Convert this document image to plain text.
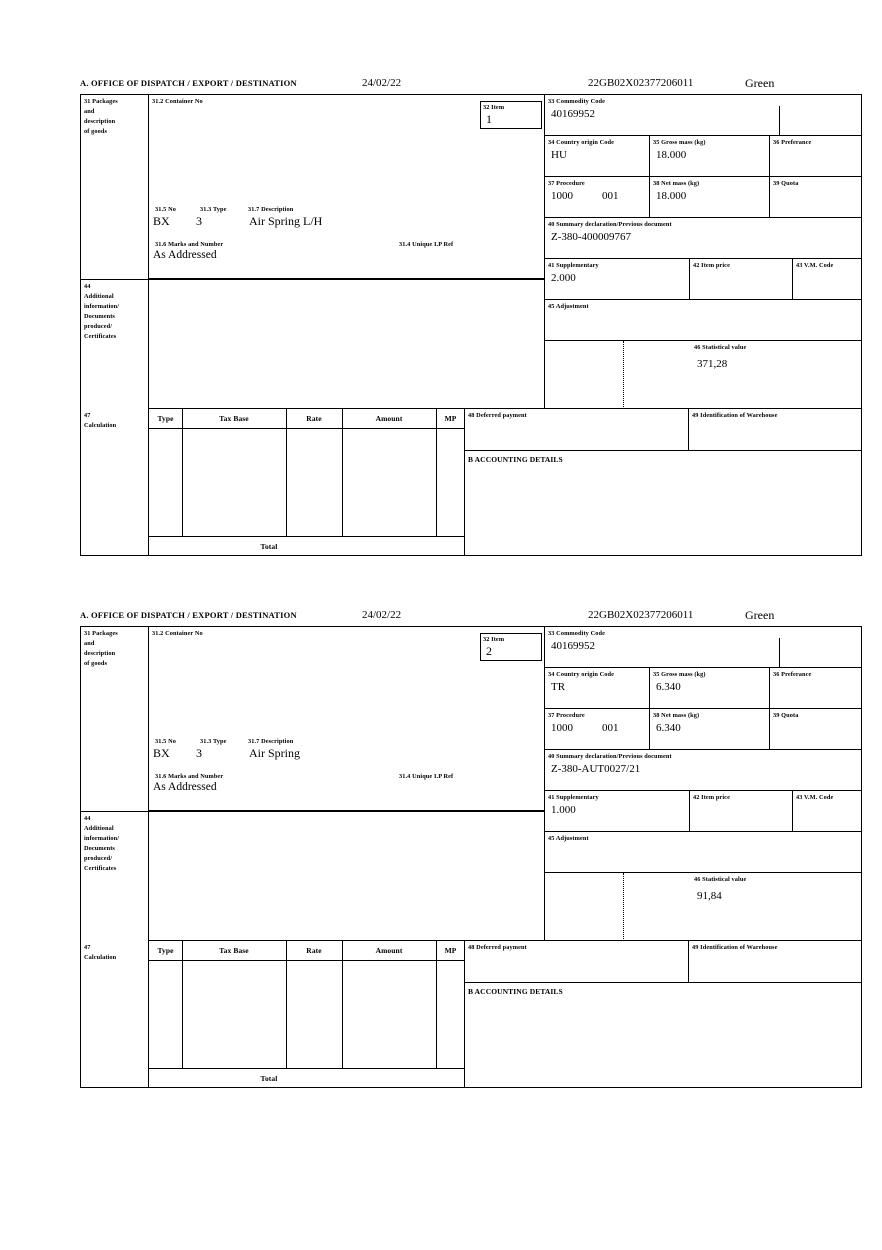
A. OFFICE OF DISPATCH / EXPORT / DESTINATION	24/02/22	22GB02X02377206011	Green
31 Packages
and
description
of goods
31.2 Container No
31.5 No	31.3 Type	31.7 Description
BX 3	Air Spring L/H
31.6 Marks and Number	31.4 Unique I.P Ref
As Addressed
32 Item
1
33 Commodity Code
40169952
34 Country origin Code
HU
35 Gross mass (kg)
18.000
36 Preferance
37 Procedure
1000	001
38 Net mass (kg)
18.000
39 Quota
40 Summary declaration/Previous document
Z-380-400009767
41 Supplementary
2.000
42 Item price	43 V.M. Code
44
Additional
information/
Documents
produced/
Certificates
45 Adjustment
46 Statistical value
371,28
47
Calculation
Type	Tax Base	Rate	Amount	MP
Total
48 Deferred payment	49 Identification of Warehouse
B ACCOUNTING DETAILS
A. OFFICE OF DISPATCH / EXPORT / DESTINATION	24/02/22	22GB02X02377206011	Green
31 Packages
and
description
of goods
31.2 Container No
31.5 No	31.3 Type	31.7 Description
BX 3	Air Spring
31.6 Marks and Number	31.4 Unique I.P Ref
As Addressed
32 Item
2
33 Commodity Code
40169952
34 Country origin Code
TR
35 Gross mass (kg)
6.340
36 Preferance
37 Procedure
1000	001
38 Net mass (kg)
6.340
39 Quota
40 Summary declaration/Previous document
Z-380-AUT0027/21
41 Supplementary
1.000
42 Item price	43 V.M. Code
44
Additional
information/
Documents
produced/
Certificates
45 Adjustment
46 Statistical value
91,84
47
Calculation
Type	Tax Base	Rate	Amount	MP
Total
48 Deferred payment	49 Identification of Warehouse
B ACCOUNTING DETAILS
